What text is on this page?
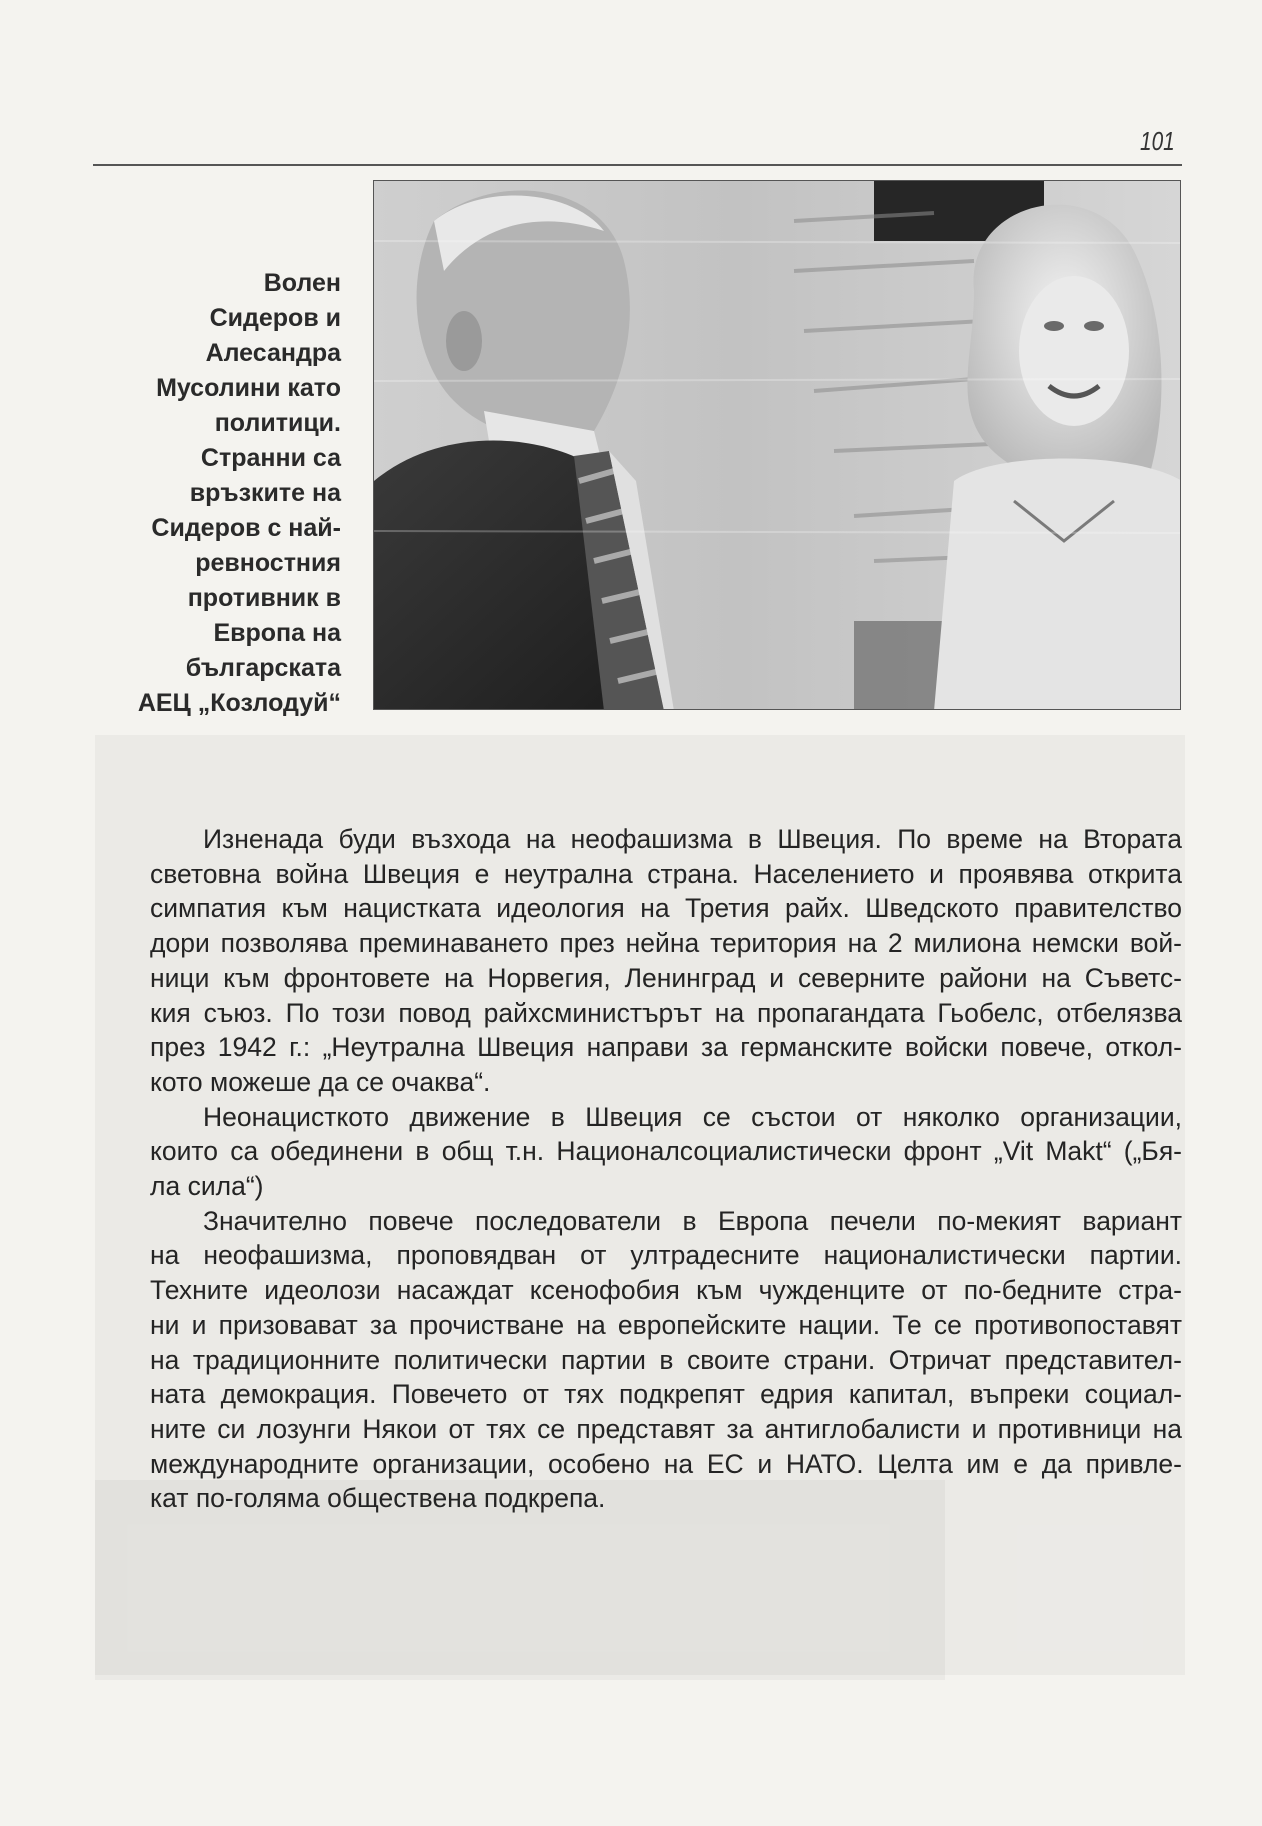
101
Волен
Сидеров и
Алесандра
Мусолини като
политици.
Странни са
връзките на
Сидеров с най-
ревностния
противник в
Европа на
българската
АЕЦ „Козлодуй“
Изненада буди възхода на неофашизма в Швеция. По време на Втората
световна война Швеция е неутрална страна. Населението и проявява открита
симпатия към нацистката идеология на Третия райх. Шведското правителство
дори позволява преминаването през нейна територия на 2 милиона немски вой-
ници към фронтовете на Норвегия, Ленинград и северните райони на Съветс-
кия съюз. По този повод райхсминистърът на пропагандата Гьобелс, отбелязва
през 1942 г.: „Неутрална Швеция направи за германските войски повече, откол-
кото можеше да се очаква“.
Неонацисткото движение в Швеция се състои от няколко организации,
които са обединени в общ т.н. Националсоциалистически фронт „Vit Makt“ („Бя-
ла сила“)
Значително повече последователи в Европа печели по-мекият вариант
на неофашизма, проповядван от ултрадесните националистически партии.
Техните идеолози насаждат ксенофобия към чужденците от по-бедните стра-
ни и призовават за прочистване на европейските нации. Те се противопоставят
на традиционните политически партии в своите страни. Отричат представител-
ната демокрация. Повечето от тях подкрепят едрия капитал, въпреки социал-
ните си лозунги Някои от тях се представят за антиглобалисти и противници на
международните организации, особено на ЕС и НАТО. Целта им е да привле-
кат по-голяма обществена подкрепа.
